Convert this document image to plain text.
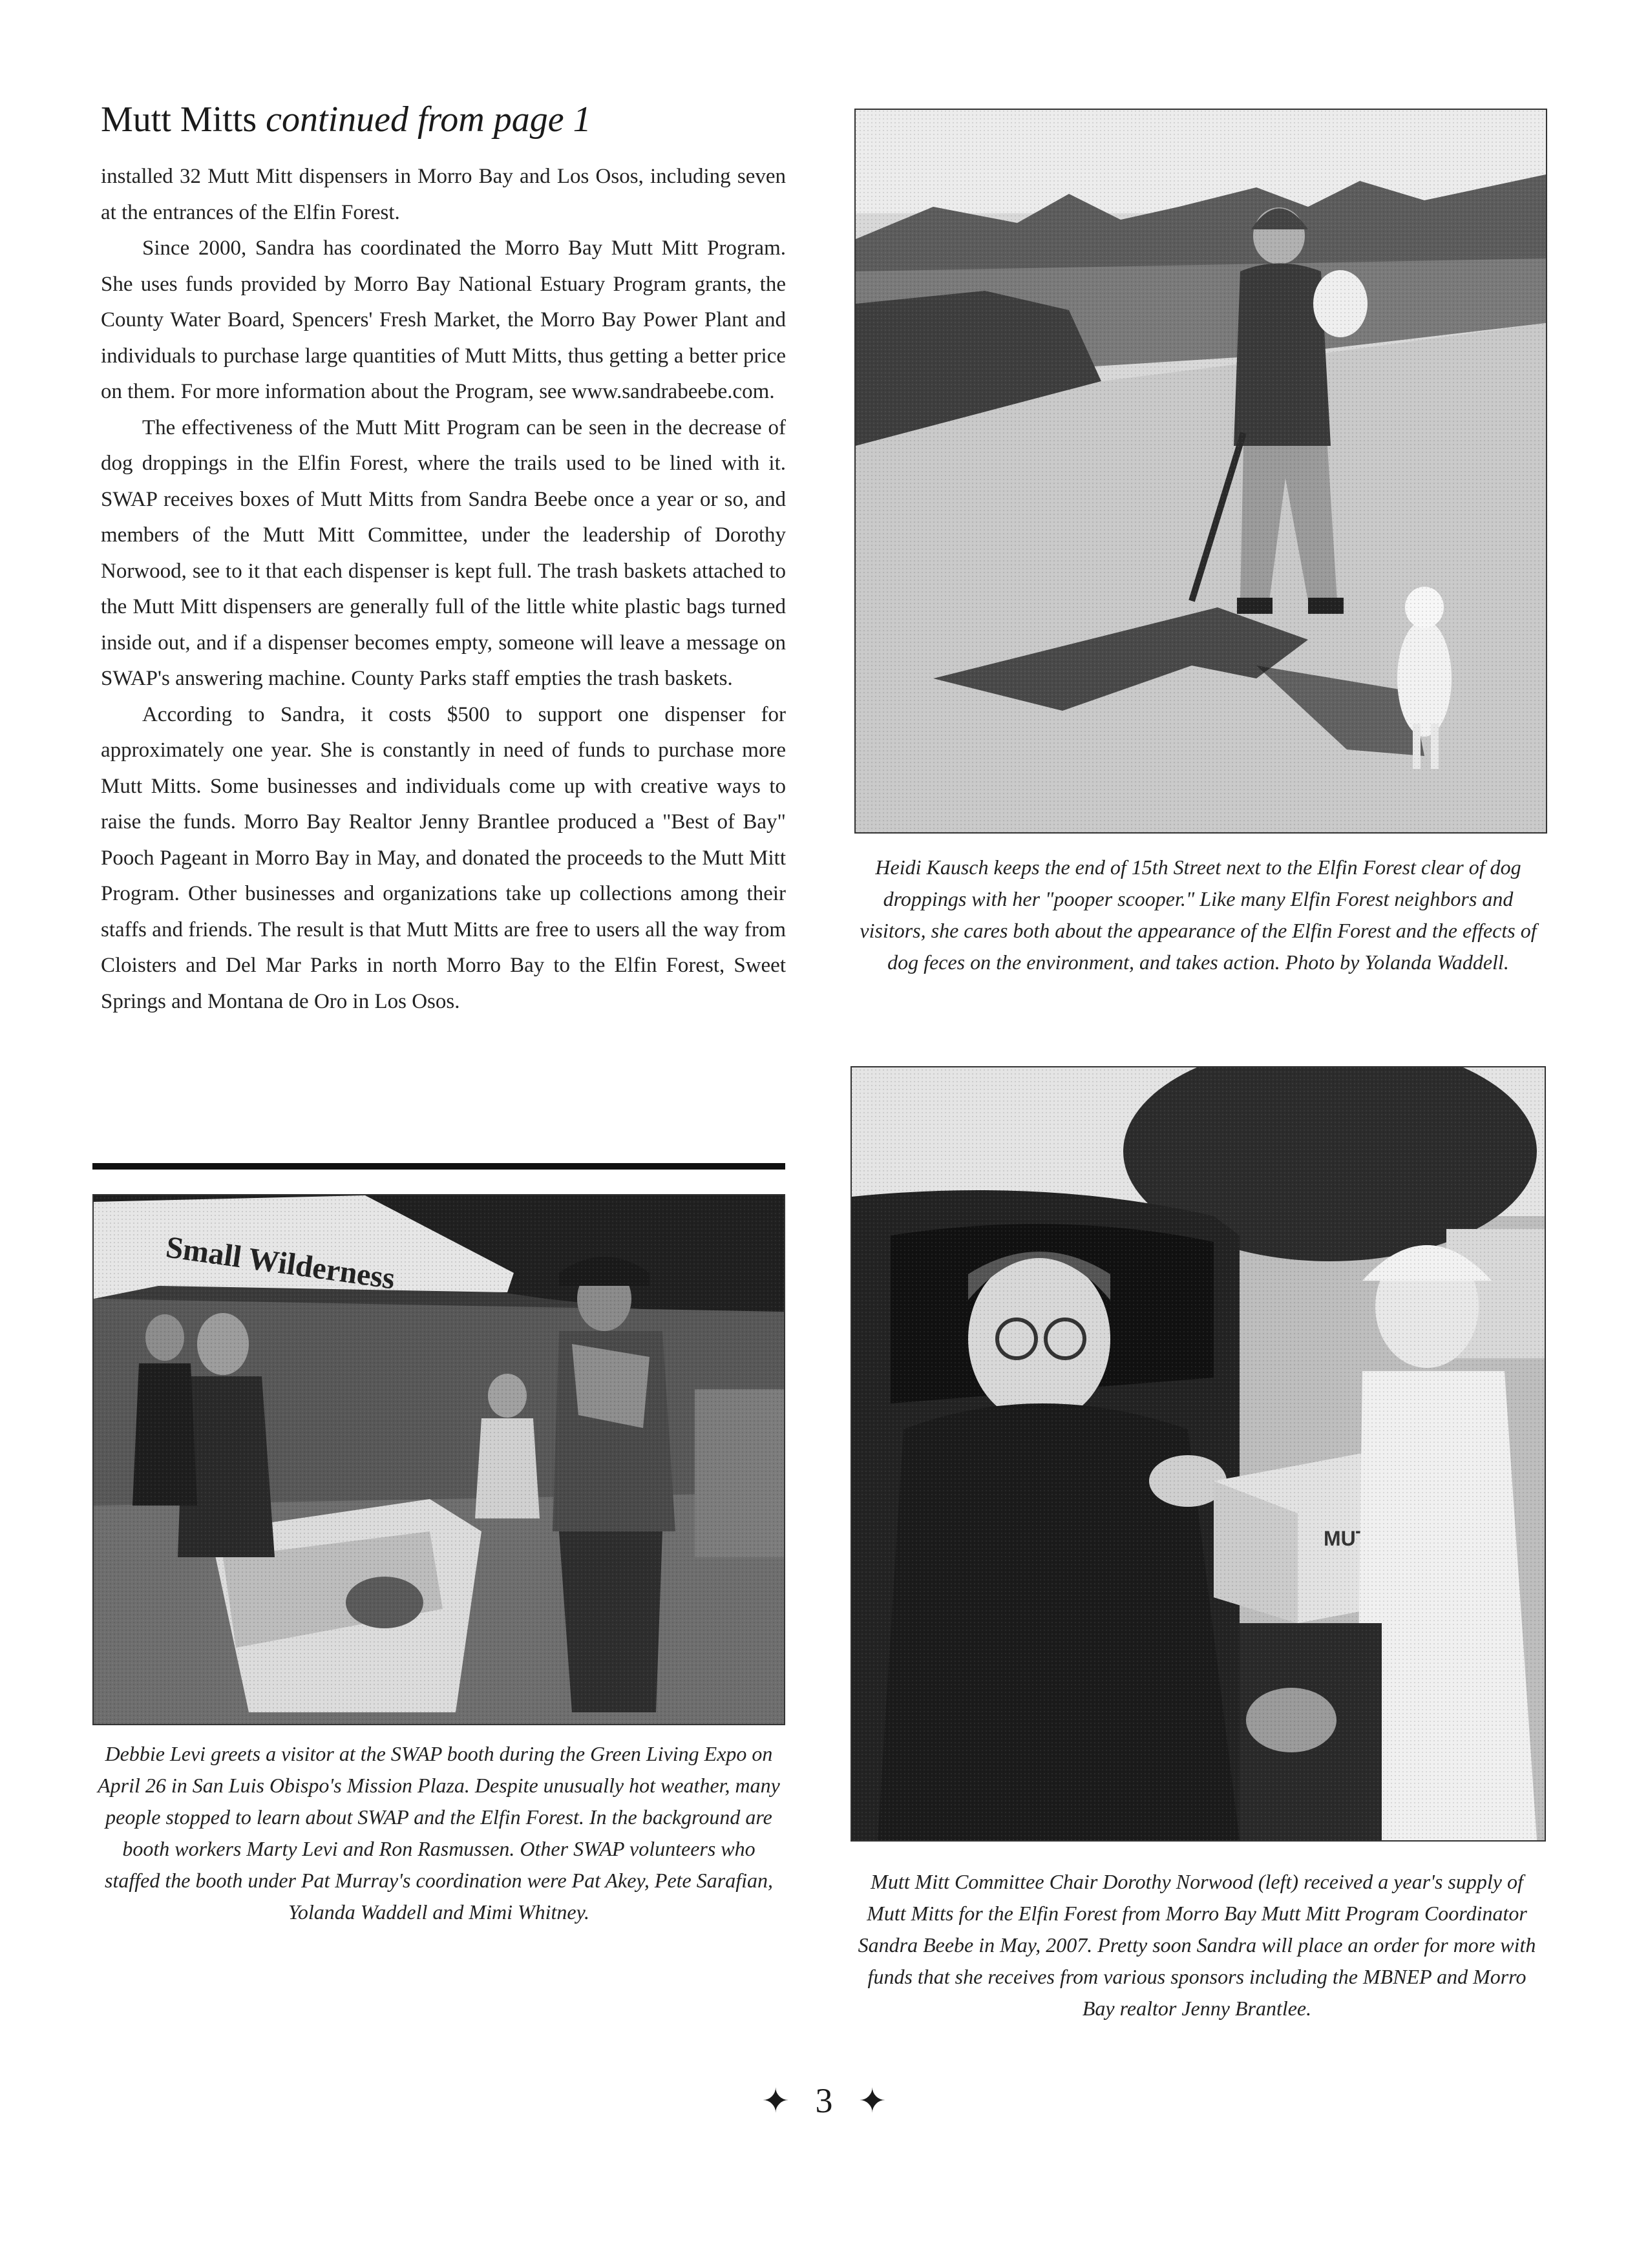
Mutt Mitts continued from page 1

installed 32 Mutt Mitt dispensers in Morro Bay and Los Osos, including seven at the entrances of the Elfin Forest.

Since 2000, Sandra has coordinated the Morro Bay Mutt Mitt Program. She uses funds provided by Morro Bay National Estuary Program grants, the County Water Board, Spencers' Fresh Market, the Morro Bay Power Plant and individuals to purchase large quantities of Mutt Mitts, thus getting a better price on them. For more information about the Program, see www.sandrabeebe.com.

The effectiveness of the Mutt Mitt Program can be seen in the decrease of dog droppings in the Elfin Forest, where the trails used to be lined with it. SWAP receives boxes of Mutt Mitts from Sandra Beebe once a year or so, and members of the Mutt Mitt Committee, under the leadership of Dorothy Norwood, see to it that each dispenser is kept full. The trash baskets attached to the Mutt Mitt dispensers are generally full of the little white plastic bags turned inside out, and if a dispenser becomes empty, someone will leave a message on SWAP's answering machine. County Parks staff empties the trash baskets.

According to Sandra, it costs $500 to support one dispenser for approximately one year. She is constantly in need of funds to purchase more Mutt Mitts. Some businesses and individuals come up with creative ways to raise the funds. Morro Bay Realtor Jenny Brantlee produced a "Best of Bay" Pooch Pageant in Morro Bay in May, and donated the proceeds to the Mutt Mitt Program. Other businesses and organizations take up collections among their staffs and friends. The result is that Mutt Mitts are free to users all the way from Cloisters and Del Mar Parks in north Morro Bay to the Elfin Forest, Sweet Springs and Montana de Oro in Los Osos.

Heidi Kausch keeps the end of 15th Street next to the Elfin Forest clear of dog droppings with her "pooper scooper." Like many Elfin Forest neighbors and visitors, she cares both about the appearance of the Elfin Forest and the effects of dog feces on the environment, and takes action. Photo by Yolanda Waddell.
Debbie Levi greets a visitor at the SWAP booth during the Green Living Expo on April 26 in San Luis Obispo's Mission Plaza. Despite unusually hot weather, many people stopped to learn about SWAP and the Elfin Forest. In the background are booth workers Marty Levi and Ron Rasmussen. Other SWAP volunteers who staffed the booth under Pat Murray's coordination were Pat Akey, Pete Sarafian, Yolanda Waddell and Mimi Whitney.
Mutt Mitt Committee Chair Dorothy Norwood (left) received a year's supply of Mutt Mitts for the Elfin Forest from Morro Bay Mutt Mitt Program Coordinator Sandra Beebe in May, 2007. Pretty soon Sandra will place an order for more with funds that she receives from various sponsors including the MBNEP and Morro Bay realtor Jenny Brantlee.
✦ 3 ✦
